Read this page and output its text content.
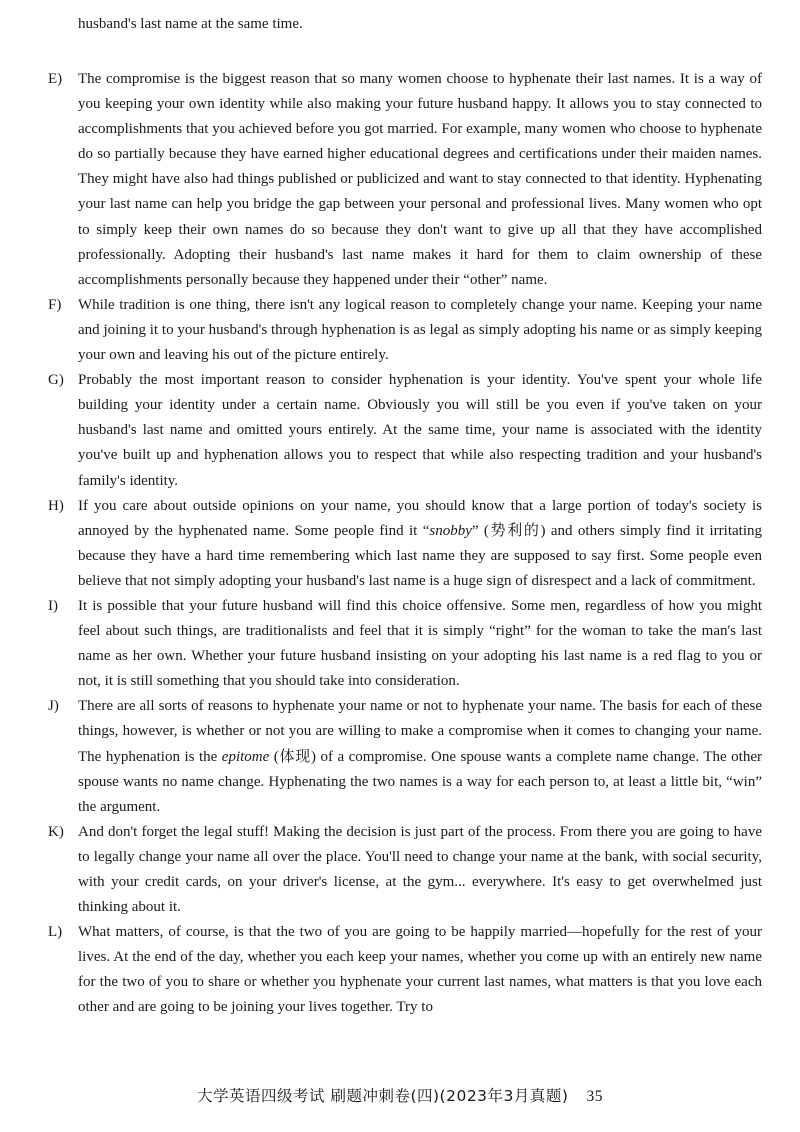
husband's last name at the same time.
E)	The compromise is the biggest reason that so many women choose to hyphenate their last names. It is a way of you keeping your own identity while also making your future husband happy. It allows you to stay connected to accomplishments that you achieved before you got married. For example, many women who choose to hyphenate do so partially because they have earned higher educational degrees and certifications under their maiden names. They might have also had things published or publicized and want to stay connected to that identity. Hyphenating your last name can help you bridge the gap between your personal and professional lives. Many women who opt to simply keep their own names do so because they don't want to give up all that they have accomplished professionally. Adopting their husband's last name makes it hard for them to claim ownership of these accomplishments personally because they happened under their “other” name.
F)	While tradition is one thing, there isn't any logical reason to completely change your name. Keeping your name and joining it to your husband's through hyphenation is as legal as simply adopting his name or as simply keeping your own and leaving his out of the picture entirely.
G) Probably the most important reason to consider hyphenation is your identity. You've spent your whole life building your identity under a certain name. Obviously you will still be you even if you've taken on your husband's last name and omitted yours entirely. At the same time, your name is associated with the identity you've built up and hyphenation allows you to respect that while also respecting tradition and your husband's family's identity.
H) If you care about outside opinions on your name, you should know that a large portion of today's society is annoyed by the hyphenated name. Some people find it “snobby” (势利的) and others simply find it irritating because they have a hard time remembering which last name they are supposed to say first. Some people even believe that not simply adopting your husband's last name is a huge sign of disrespect and a lack of commitment.
I)	It is possible that your future husband will find this choice offensive. Some men, regardless of how you might feel about such things, are traditionalists and feel that it is simply “right” for the woman to take the man's last name as her own. Whether your future husband insisting on your adopting his last name is a red flag to you or not, it is still something that you should take into consideration.
J)	There are all sorts of reasons to hyphenate your name or not to hyphenate your name. The basis for each of these things, however, is whether or not you are willing to make a compromise when it comes to changing your name. The hyphenation is the epitome (体现) of a compromise. One spouse wants a complete name change. The other spouse wants no name change. Hyphenating the two names is a way for each person to, at least a little bit, “win” the argument.
K) And don't forget the legal stuff! Making the decision is just part of the process. From there you are going to have to legally change your name all over the place. You'll need to change your name at the bank, with social security, with your credit cards, on your driver's license, at the gym... everywhere. It's easy to get overwhelmed just thinking about it.
L)	What matters, of course, is that the two of you are going to be happily married—hopefully for the rest of your lives. At the end of the day, whether you each keep your names, whether you come up with an entirely new name for the two of you to share or whether you hyphenate your current last names, what matters is that you love each other and are going to be joining your lives together. Try to
大学英语四级考试 刷题冲刺卷(四)(2023年3月真题) 35
